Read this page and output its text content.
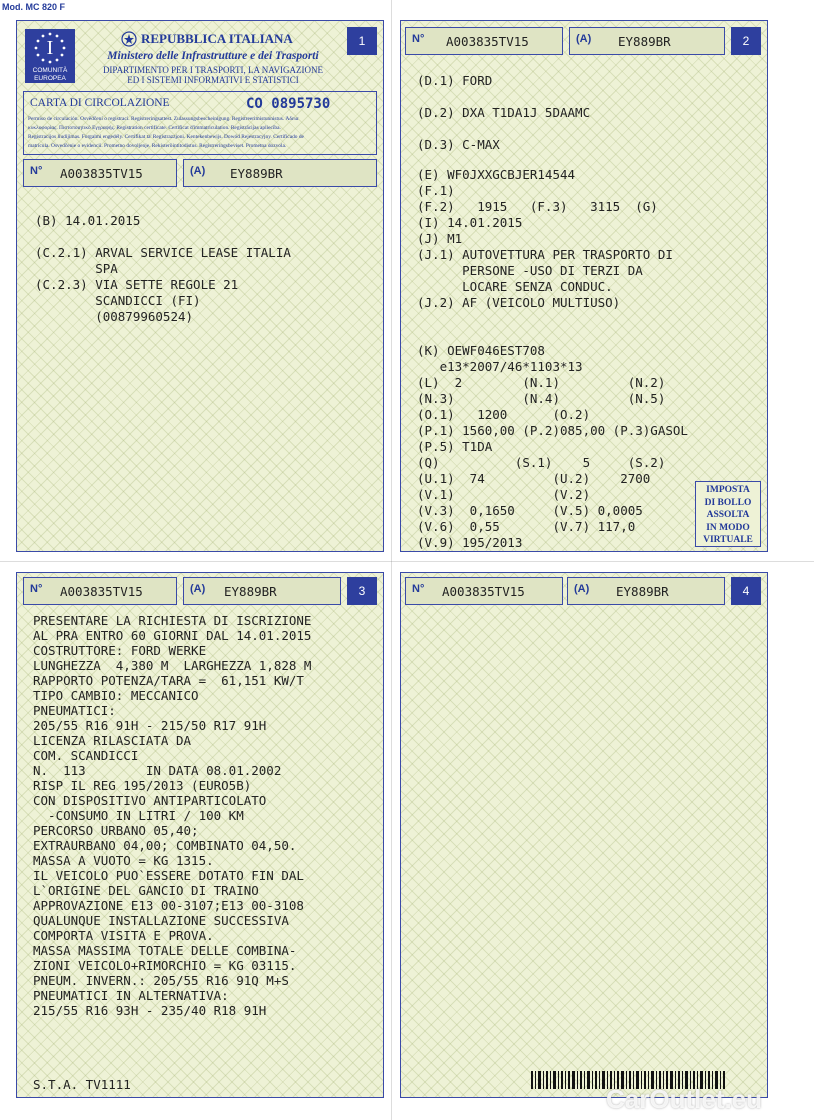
Mod. MC 820 F
I
COMUNITÀ
EUROPEA
REPUBBLICA ITALIANA
Ministero delle Infrastrutture e dei Trasporti
DIPARTIMENTO PER I TRASPORTI, LA NAVIGAZIONE
ED I SISTEMI INFORMATIVI E STATISTICI
1
CARTA DI CIRCOLAZIONE	CO 0895730
Permiso de circulación. Osvědčení o registraci. Registreringsattest. Zulassungsbescheinigung. Registreerimistunnistus. Άδεια
κυκλοφορίας. Πιστοποιητικό Εγγραφής. Registration certificate. Certificat d'immatriculation. Registrācijas apliecība.
Registracijos liudijimas. Forgalmi engedély. Certifikat ta' Registrazzjoni. Kentekenbewijs. Dowód Rejestracyjny. Certificado de
matrícula. Osvedčenie o evidencii. Prometno dovoljenje. Rekisteröintitodistus. Registreringsbeviset. Prometna dozvola.
N° A003835TV15	(A) EY889BR
(B) 14.01.2015
(C.2.1) ARVAL SERVICE LEASE ITALIA
SPA
(C.2.3) VIA SETTE REGOLE 21
SCANDICCI (FI)
(00879960524)
N° A003835TV15	(A) EY889BR	2
(D.1) FORD
(D.2) DXA T1DA1J 5DAAMC
(D.3) C-MAX
(E) WF0JXXGCBJER14544
(F.1)
(F.2)   1915   (F.3)   3115  (G)
(I) 14.01.2015
(J) M1
(J.1) AUTOVETTURA PER TRASPORTO DI
PERSONE -USO DI TERZI DA
LOCARE SENZA CONDUC.
(J.2) AF (VEICOLO MULTIUSO)
(K) OEWF046EST708
e13*2007/46*1103*13
(L)  2        (N.1)         (N.2)
(N.3)         (N.4)         (N.5)
(O.1)   1200      (O.2)
(P.1) 1560,00 (P.2)085,00 (P.3)GASOL
(P.5) T1DA
(Q)          (S.1)    5     (S.2)
(U.1)  74         (U.2)    2700
(V.1)             (V.2)
(V.3)  0,1650     (V.5) 0,0005
(V.6)  0,55       (V.7) 117,0
(V.9) 195/2013
IMPOSTA
DI BOLLO
ASSOLTA
IN MODO
VIRTUALE
N° A003835TV15	(A) EY889BR	3
PRESENTARE LA RICHIESTA DI ISCRIZIONE
AL PRA ENTRO 60 GIORNI DAL 14.01.2015
COSTRUTTORE: FORD WERKE
LUNGHEZZA  4,380 M  LARGHEZZA 1,828 M
RAPPORTO POTENZA/TARA =  61,151 KW/T
TIPO CAMBIO: MECCANICO
PNEUMATICI:
205/55 R16 91H - 215/50 R17 91H
LICENZA RILASCIATA DA
COM. SCANDICCI
N.  113        IN DATA 08.01.2002
RISP IL REG 195/2013 (EURO5B)
CON DISPOSITIVO ANTIPARTICOLATO
-CONSUMO IN LITRI / 100 KM
PERCORSO URBANO 05,40;
EXTRAURBANO 04,00; COMBINATO 04,50.
MASSA A VUOTO = KG 1315.
IL VEICOLO PUO`ESSERE DOTATO FIN DAL
L`ORIGINE DEL GANCIO DI TRAINO
APPROVAZIONE E13 00-3107;E13 00-3108
QUALUNQUE INSTALLAZIONE SUCCESSIVA
COMPORTA VISITA E PROVA.
MASSA MASSIMA TOTALE DELLE COMBINA-
ZIONI VEICOLO+RIMORCHIO = KG 03115.
PNEUM. INVERN.: 205/55 R16 91Q M+S
PNEUMATICI IN ALTERNATIVA:
215/55 R16 93H - 235/40 R18 91H
S.T.A. TV1111
N° A003835TV15	(A) EY889BR	4
CarOutlet.eu
